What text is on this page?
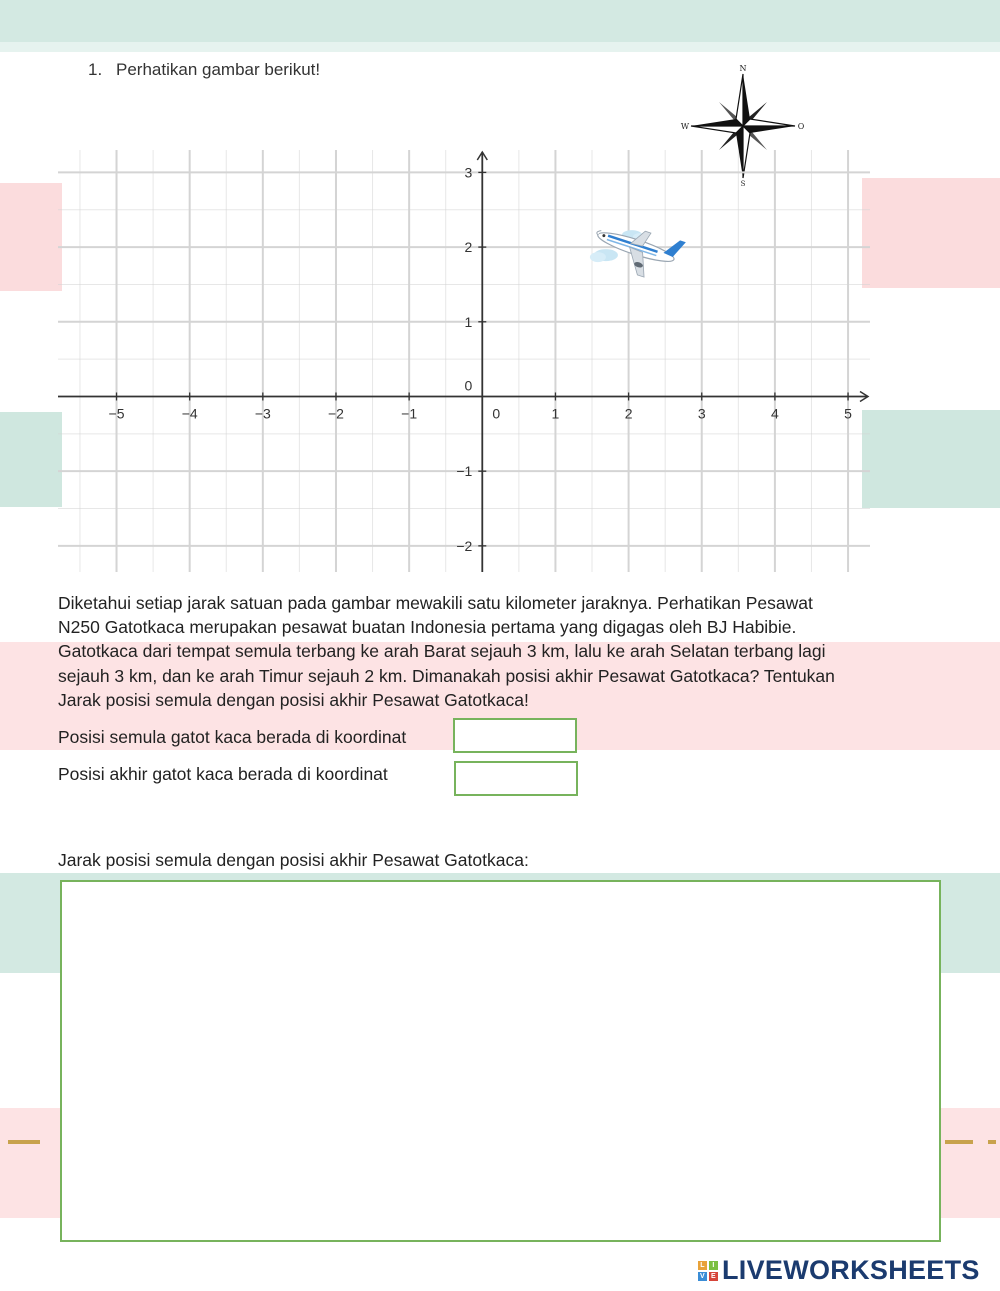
1. Perhatikan gambar berikut!	N
S
W	O
−5	−4	−3	−2	−1	0	1	2	3	4	5
−2
−1
1
2
3
0

Diketahui setiap jarak satuan pada gambar mewakili satu kilometer jaraknya. Perhatikan Pesawat
N250 Gatotkaca merupakan pesawat buatan Indonesia pertama yang digagas oleh BJ Habibie.
Gatotkaca dari tempat semula terbang ke arah Barat sejauh 3 km, lalu ke arah Selatan terbang lagi
sejauh 3 km, dan ke arah Timur sejauh 2 km. Dimanakah posisi akhir Pesawat Gatotkaca? Tentukan
Jarak posisi semula dengan posisi akhir Pesawat Gatotkaca!

Posisi semula gatot kaca berada di koordinat
Posisi akhir gatot kaca berada di koordinat
Jarak posisi semula dengan posisi akhir Pesawat Gatotkaca:
L	I
V E LIVEWORKSHEETS
